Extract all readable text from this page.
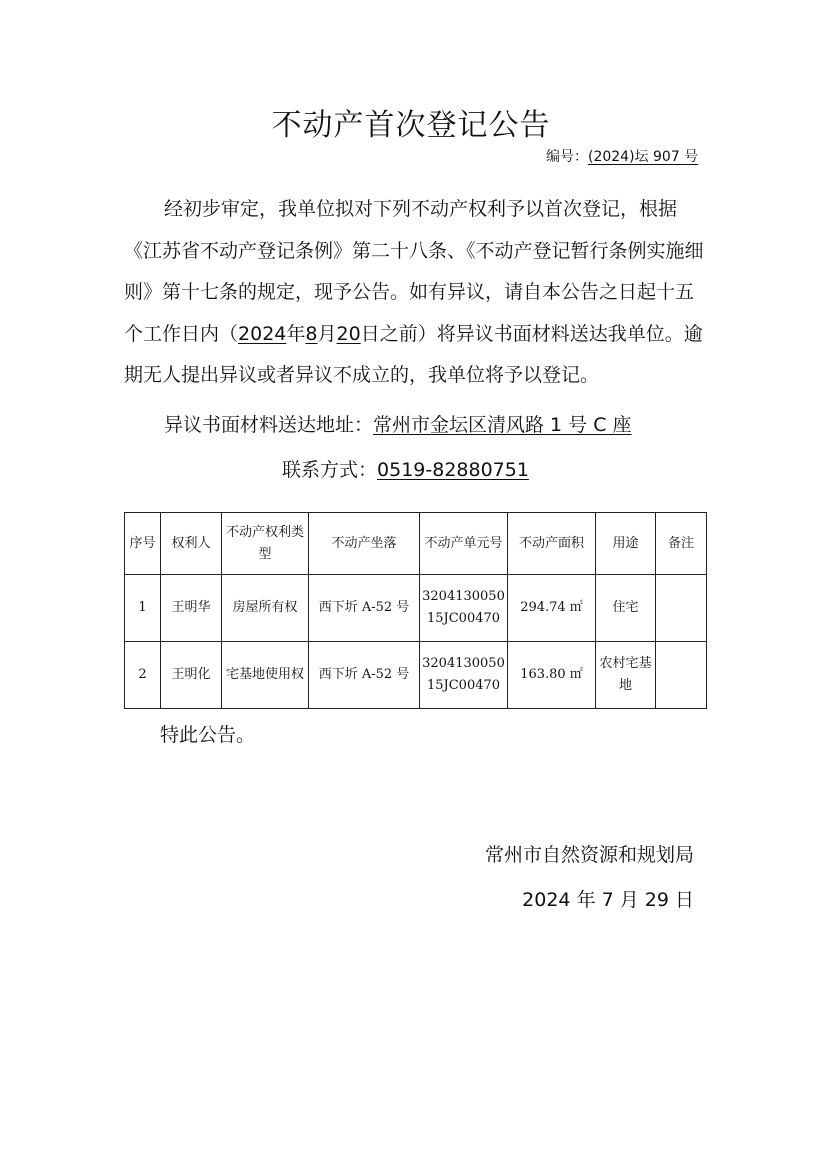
不动产首次登记公告
编号：(2024)坛 907 号
经初步审定，我单位拟对下列不动产权利予以首次登记，根据《江苏省不动产登记条例》第二十八条、《不动产登记暂行条例实施细则》第十七条的规定，现予公告。如有异议，请自本公告之日起十五个工作日内（2024年8月20日之前）将异议书面材料送达我单位。逾期无人提出异议或者异议不成立的，我单位将予以登记。
异议书面材料送达地址：常州市金坛区清风路 1 号 C 座
联系方式：0519-82880751
序号	权利人	不动产权利类型	不动产坐落	不动产单元号	不动产面积	用途	备注
1	王明华	房屋所有权	西下圻 A-52 号	320413005015JC00470	294.74 ㎡	住宅	
2	王明化	宅基地使用权	西下圻 A-52 号	320413005015JC00470	163.80 ㎡	农村宅基地	
特此公告。
常州市自然资源和规划局
2024 年 7 月 29 日
